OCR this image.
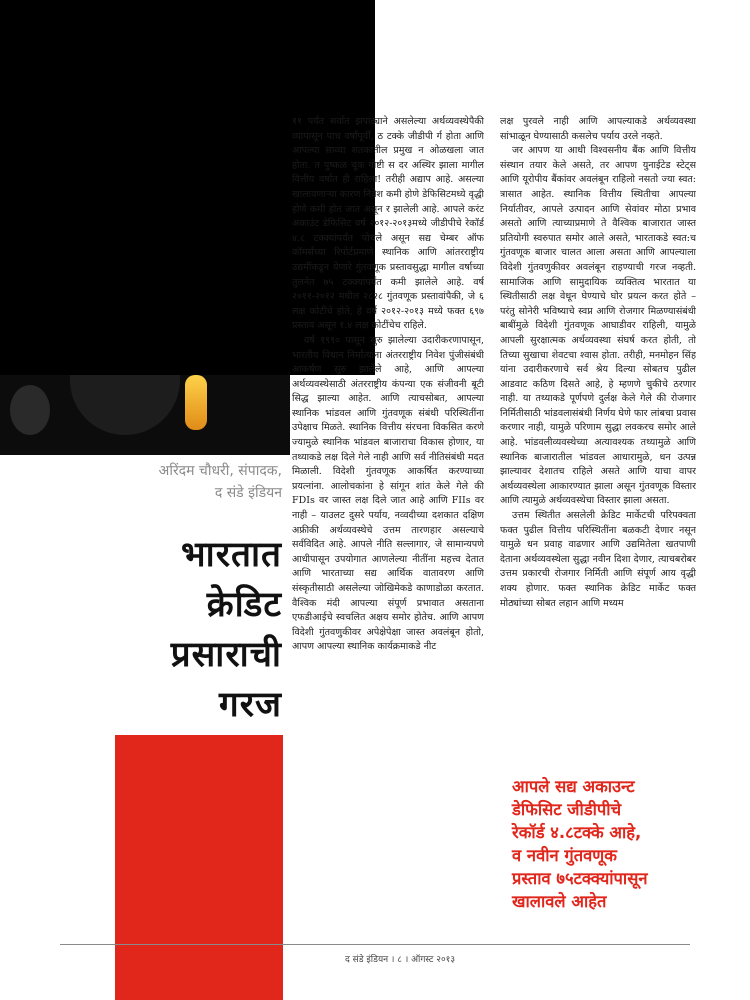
अरिंदम चौधरी, संपादक,
द संडे इंडियन
भारतात
क्रेडिट
प्रसाराची
गरज

११ पर्यंत सर्वात झपाट्याने असलेल्या अर्थव्यवस्थेपैकी व्यापासून पाच वर्षांपूर्वी, ठ टक्के जीडीपी र्ग होता आणि आपल्या साव्या शतकातील प्रमुख न ओळखला जात होता. त पुष्कळ चूक गोष्टी स दर अस्थिर झाला मागील वित्तीय वर्षात ही राहिला! तरीही अद्याप आहे. असल्या खालावणाऱ्या कारण निवेश कमी होणे डेफिसिटमध्ये वृद्धी होणे कमी होत जात असून र झालेली आहे. आपले करंट अकाउंट डेफिसिट वर्ष २०१२-२०१३मध्ये जीडीपीचे रेकॉर्ड ४.८ टक्क्यांपर्यंत पोचले असून सद्य चेम्बर ऑफ कॉमर्सच्या रिपोर्टप्रमाणे स्थानिक आणि आंतरराष्ट्रीय उद्यमींकडून येणारे गुंतवणूक प्रस्तावसुद्धा मागील वर्षाच्या तुलनेत ७५ टक्क्यांपर्यंत कमी झालेले आहे. वर्ष २०११-२०१२ मधील २८२८ गुंतवणूक प्रस्तावांपैकी, जे ६ लक्ष कोटींचे होते, हे वर्ष २०१२-२०१३ मध्ये फक्त ६९७ प्रस्ताव असून १.४ लक्ष कोटींचेच राहिले.

वर्ष १९९० पासून सुरु झालेल्या उदारीकरणापासून, भारतीय विधान निर्मात्यांना अंतरराष्ट्रीय निवेश पुंजीसंबंधी आकर्षण सुरु झालेले आहे, आणि आपल्या अर्थव्यवस्थेसाठी अंतरराष्ट्रीय कंपन्या एक संजीवनी बूटी सिद्ध झाल्या आहेत. आणि त्याचसोबत, आपल्या स्थानिक भांडवल आणि गुंतवणूक संबंधी परिस्थितींना उपेक्षाच मिळते. स्थानिक वित्तीय संरचना विकसित करणे ज्यामुळे स्थानिक भांडवल बाजाराचा विकास होणार, या तथ्याकडे लक्ष दिले गेले नाही आणि सर्व नीतिसंबंधी मदत मिळाली. विदेशी गुंतवणूक आकर्षित करण्याच्या प्रयत्नांना. आलोचकांना हे सांगून शांत केले गेले की FDIs वर जास्त लक्ष दिले जात आहे आणि FIIs वर नाही – याउलट दुसरे पर्याय, नव्वदीच्या दशकात दक्षिण अफ्रीकी अर्थव्यवस्थेचे उत्तम तारणहार असल्याचे सर्वविदित आहे. आपले नीति सल्लागार, जे सामान्यपणे आधीपासून उपयोगात आणलेल्या नीतींना महत्त्व देतात आणि भारताच्या सद्य आर्थिक वातावरण आणि संस्कृतीसाठी असलेल्या जोखिमेकडे काणाडोळा करतात. वैश्विक मंदी आपल्या संपूर्ण प्रभावात असताना एफडीआईचे स्वचलित अक्षय समोर होतेच. आणि आपण विदेशी गुंतवणुकीवर अपेक्षेपेक्षा जास्त अवलंबून होतो, आपण आपल्या स्थानिक कार्यक्रमाकडे नीट

लक्ष पुरवले नाही आणि आपल्याकडे अर्थव्यवस्था सांभाळून घेण्यासाठी कसलेच पर्याय उरले नव्हते.

जर आपण या आधी विश्वसनीय बैंक आणि वित्तीय संस्थान तयार केले असते, तर आपण युनाईटेड स्टेट्स आणि यूरोपीय बैंकांवर अवलंबून राहिलो नसतो ज्या स्वत: त्रासात आहेत. स्थानिक वित्तीय स्थितीचा आपल्या निर्यातीवर, आपले उत्पादन आणि सेवांवर मोठा प्रभाव असतो आणि त्याच्याप्रमाणे ते वैश्विक बाजारात जास्त प्रतियोगी स्वरुपात समोर आले असते, भारताकडे स्वत:च गुंतवणूक बाजार चालत आला असता आणि आपल्याला विदेशी गुंतवणुकीवर अवलंबून राहण्याची गरज नव्हती. सामाजिक आणि सामुदायिक व्यक्तित्व भारतात या स्थितीसाठी लक्ष वेधून घेण्याचे घोर प्रयत्न करत होते – परंतु सोनेरी भविष्याचे स्वप्न आणि रोजगार मिळण्यासंबंधी बाबींमुळे विदेशी गुंतवणूक आघाडीवर राहिली, यामुळे आपली सुरक्षात्मक अर्थव्यवस्था संघर्ष करत होती, तो तिच्या सुखाचा शेवटचा श्वास होता. तरीही, मनमोहन सिंह यांना उदारीकरणाचे सर्व श्रेय दिल्या सोबतच पुढील आडवाट कठिण दिसते आहे, हे म्हणणे चुकीचे ठरणार नाही. या तथ्याकडे पूर्णपणे दुर्लक्ष केले गेले की रोजगार निर्मितीसाठी भांडवलासंबंधी निर्णय घेणे फार लांबचा प्रवास करणार नाही, यामुळे परिणाम सुद्धा लवकरच समोर आले आहे. भांडवलीव्यवस्थेच्या अत्यावश्यक तथ्यामुळे आणि स्थानिक बाजारातील भांडवल आधारामुळे, धन उत्पन्न झाल्यावर देशातच राहिले असते आणि याचा वापर अर्थव्यवस्थेला आकारण्यात झाला असून गुंतवणूक विस्तार आणि त्यामुळे अर्थव्यवस्थेचा विस्तार झाला असता.

उत्तम स्थितीत असलेली क्रेडिट मार्केटची परिपक्वता फक्त पुढील वित्तीय परिस्थितींना बळकटी देणार नसून यामुळे धन प्रवाह वाढणार आणि उद्यमितेला खतपाणी देताना अर्थव्यवस्थेला सुद्धा नवीन दिशा देणार, त्याचबरोबर उत्तम प्रकारची रोजगार निर्मिती आणि संपूर्ण आय वृद्धी शक्य होणार. फक्त स्थानिक क्रेडिट मार्केट फक्त मोठ्यांच्या सोबत लहान आणि मध्यम

आपले सद्य अकाउन्ट
डेफिसिट जीडीपीचे
रेकॉर्ड ४.८टक्के आहे,
व नवीन गुंतवणूक
प्रस्ताव ७५टक्क्यांपासून
खालावले आहेत
द संडे इंडियन । ८ । ऑगस्ट २०१३
